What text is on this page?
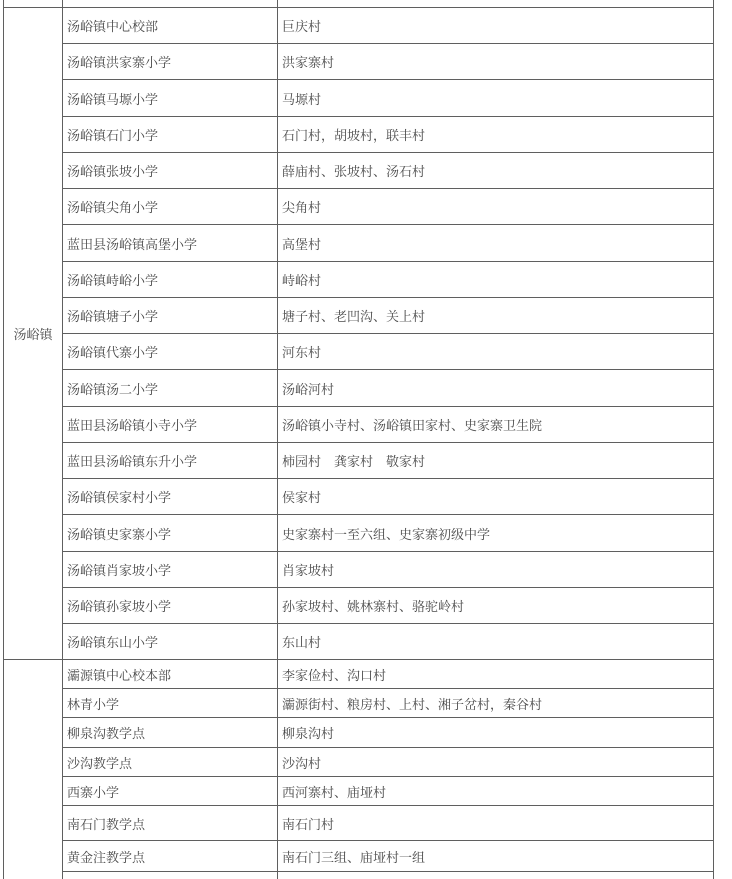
汤峪镇	汤峪镇中心校部	巨庆村
	汤峪镇洪家寨小学	洪家寨村
	汤峪镇马塬小学	马塬村
	汤峪镇石门小学	石门村，胡坡村，联丰村
	汤峪镇张坡小学	薛庙村、张坡村、汤石村
	汤峪镇尖角小学	尖角村
	蓝田县汤峪镇高堡小学	高堡村
	汤峪镇峙峪小学	峙峪村
	汤峪镇塘子小学	塘子村、老凹沟、关上村
	汤峪镇代寨小学	河东村
	汤峪镇汤二小学	汤峪河村
	蓝田县汤峪镇小寺小学	汤峪镇小寺村、汤峪镇田家村、史家寨卫生院
	蓝田县汤峪镇东升小学	柿园村　龚家村　敬家村
	汤峪镇侯家村小学	侯家村
	汤峪镇史家寨小学	史家寨村一至六组、史家寨初级中学
	汤峪镇肖家坡小学	肖家坡村
	汤峪镇孙家坡小学	孙家坡村、姚林寨村、骆驼岭村
	汤峪镇东山小学	东山村
	灞源镇中心校本部	李家俭村、沟口村
	林青小学	灞源街村、粮房村、上村、湘子岔村，秦谷村
	柳泉沟教学点	柳泉沟村
	沙沟教学点	沙沟村
	西寨小学	西河寨村、庙垭村
	南石门教学点	南石门村
	黄金注教学点	南石门三组、庙垭村一组
